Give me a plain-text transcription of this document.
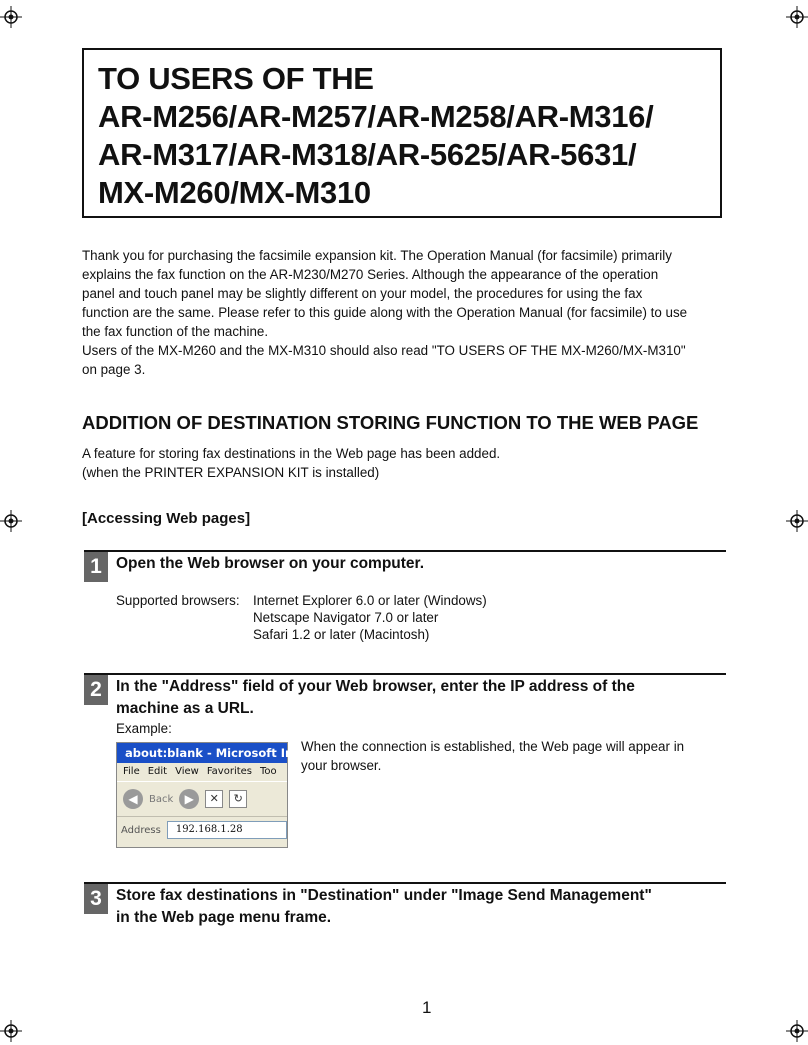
TO USERS OF THE
AR-M256/AR-M257/AR-M258/AR-M316/
AR-M317/AR-M318/AR-5625/AR-5631/
MX-M260/MX-M310
Thank you for purchasing the facsimile expansion kit. The Operation Manual (for facsimile) primarily
explains the fax function on the AR-M230/M270 Series. Although the appearance of the operation
panel and touch panel may be slightly different on your model, the procedures for using the fax
function are the same. Please refer to this guide along with the Operation Manual (for facsimile) to use
the fax function of the machine.
Users of the MX-M260 and the MX-M310 should also read "TO USERS OF THE MX-M260/MX-M310"
on page 3.
ADDITION OF DESTINATION STORING FUNCTION TO THE WEB PAGE
A feature for storing fax destinations in the Web page has been added.
(when the PRINTER EXPANSION KIT is installed)
[Accessing Web pages]
1 Open the Web browser on your computer.
Supported browsers: Internet Explorer 6.0 or later (Windows)
Netscape Navigator 7.0 or later
Safari 1.2 or later (Macintosh)
2 In the "Address" field of your Web browser, enter the IP address of the
machine as a URL.
Example:
When the connection is established, the Web page will appear in
your browser.
about:blank - Microsoft Inte
File Edit View Favorites Too
◀	Back ▶	✕	↻
Address	192.168.1.28
3 Store fax destinations in "Destination" under "Image Send Management"
in the Web page menu frame.
1
